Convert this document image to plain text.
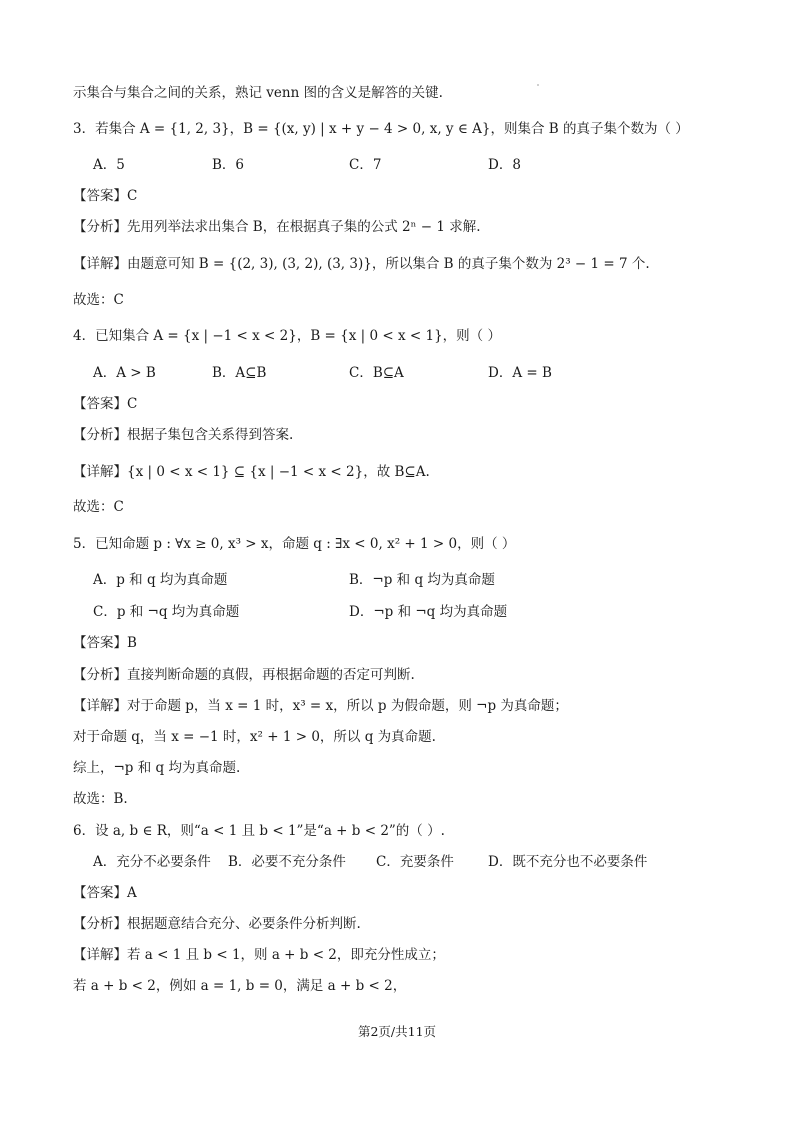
示集合与集合之间的关系，熟记 venn 图的含义是解答的关键.
3．若集合 A = {1, 2, 3}，B = {(x, y) | x + y − 4 > 0, x, y ∈ A}，则集合 B 的真子集个数为（ ）
A．5	B．6	C．7	D．8
【答案】C
【分析】先用列举法求出集合 B，在根据真子集的公式 2ⁿ − 1 求解.
【详解】由题意可知 B = {(2, 3), (3, 2), (3, 3)}，所以集合 B 的真子集个数为 2³ − 1 = 7 个.
故选：C
4．已知集合 A = {x | −1 < x < 2}，B = {x | 0 < x < 1}，则（ ）
A．A > B	B．A⊆B	C．B⊆A	D．A = B
【答案】C
【分析】根据子集包含关系得到答案.
【详解】{x | 0 < x < 1} ⊆ {x | −1 < x < 2}，故 B⊆A.
故选：C
5．已知命题 p : ∀x ≥ 0, x³ > x，命题 q : ∃x < 0, x² + 1 > 0，则（ ）
A．p 和 q 均为真命题	B．¬p 和 q 均为真命题
C．p 和 ¬q 均为真命题	D．¬p 和 ¬q 均为真命题
【答案】B
【分析】直接判断命题的真假，再根据命题的否定可判断.
【详解】对于命题 p，当 x = 1 时，x³ = x，所以 p 为假命题，则 ¬p 为真命题；
对于命题 q，当 x = −1 时，x² + 1 > 0，所以 q 为真命题.
综上，¬p 和 q 均为真命题.
故选：B.
6．设 a, b ∈ R，则“a < 1 且 b < 1”是“a + b < 2”的（ ）.
A．充分不必要条件 B．必要不充分条件 C．充要条件	D．既不充分也不必要条件
【答案】A
【分析】根据题意结合充分、必要条件分析判断.
【详解】若 a < 1 且 b < 1，则 a + b < 2，即充分性成立；
若 a + b < 2，例如 a = 1, b = 0，满足 a + b < 2，
第2页/共11页
